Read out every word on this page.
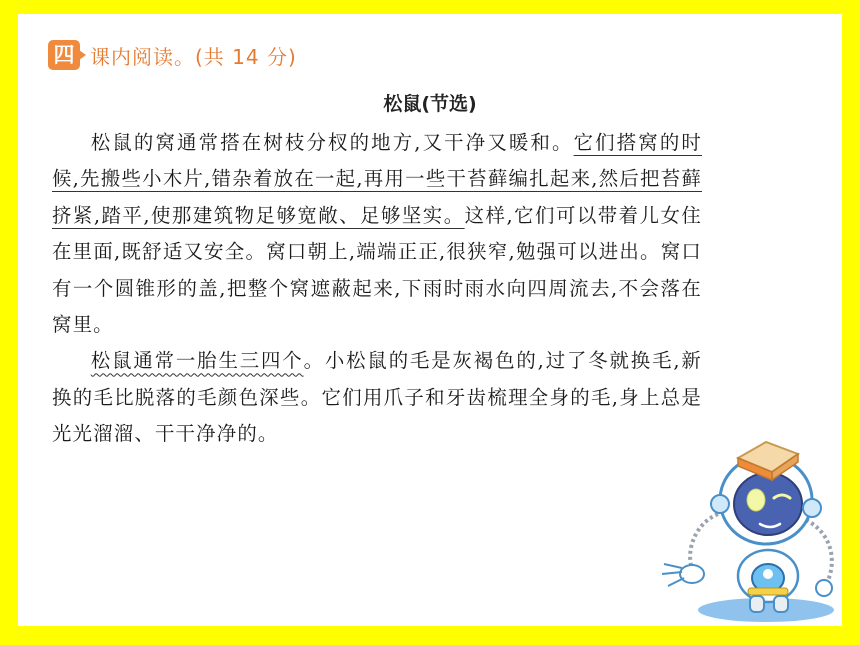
四 课内阅读。(共 14 分)
松鼠(节选)

松鼠的窝通常搭在树枝分杈的地方,又干净又暖和。它们搭窝的时候,先搬些小木片,错杂着放在一起,再用一些干苔藓编扎起来,然后把苔藓挤紧,踏平,使那建筑物足够宽敞、足够坚实。这样,它们可以带着儿女住在里面,既舒适又安全。窝口朝上,端端正正,很狭窄,勉强可以进出。窝口有一个圆锥形的盖,把整个窝遮蔽起来,下雨时雨水向四周流去,不会落在窝里。

松鼠通常一胎生三四个。小松鼠的毛是灰褐色的,过了冬就换毛,新换的毛比脱落的毛颜色深些。它们用爪子和牙齿梳理全身的毛,身上总是光光溜溜、干干净净的。
